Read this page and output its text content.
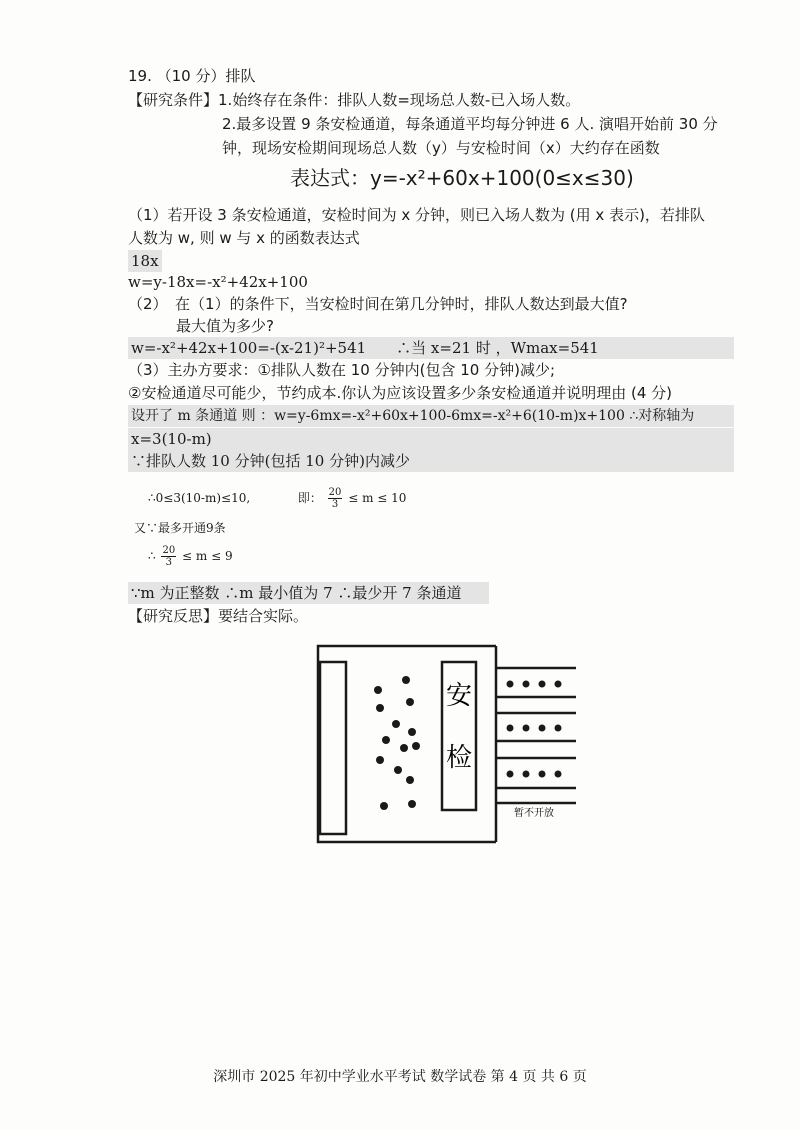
19. （10 分）排队
【研究条件】1.始终存在条件：排队人数=现场总人数-已入场人数。
2.最多设置 9 条安检通道，每条通道平均每分钟进 6 人. 演唱开始前 30 分
钟，现场安检期间现场总人数（y）与安检时间（x）大约存在函数
表达式：y=-x²+60x+100(0≤x≤30)
（1）若开设 3 条安检通道，安检时间为 x 分钟，则已入场人数为 (用 x 表示)，若排队
人数为 w, 则 w 与 x 的函数表达式
18x
w=y-18x=-x²+42x+100
（2）　在（1）的条件下，当安检时间在第几分钟时，排队人数达到最大值?
最大值为多少?
w=-x²+42x+100=-(x-21)²+541　　∴当 x=21 时 ，Wmax=541
（3）主办方要求：①排队人数在 10 分钟内(包含 10 分钟)减少;
②安检通道尽可能少，节约成本.你认为应该设置多少条安检通道并说明理由 (4 分)
设开了 m 条通道 则 ：w=y-6mx=-x²+60x+100-6mx=-x²+6(10-m)x+100 ∴对称轴为
x=3(10-m)
∵排队人数 10 分钟(包括 10 分钟)内减少
∴0≤3(10-m)≤10,	即： $\frac{20}{3} \le m \le 10$
又∵最多开通9条
∴ $\frac{20}{3} \le m \le 9$
∵m 为正整数 ∴m 最小值为 7 ∴最少开 7 条通道
【研究反思】要结合实际。
安
检
暂不开放
深圳市 2025 年初中学业水平考试 数学试卷 第 4 页 共 6 页
